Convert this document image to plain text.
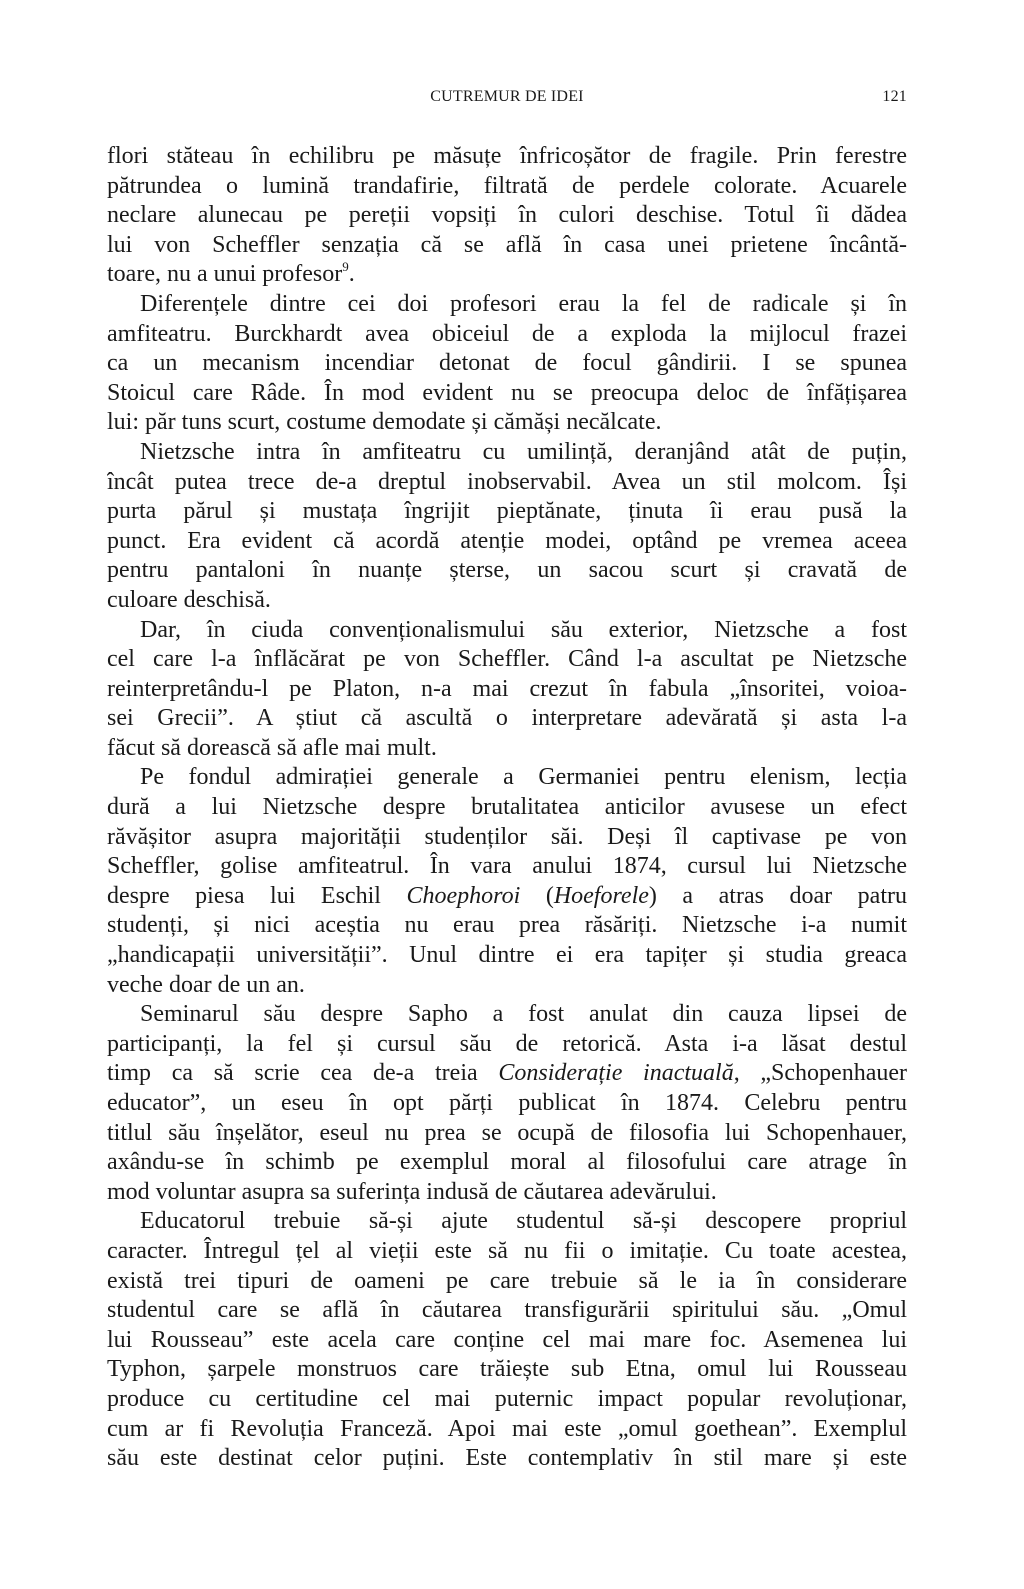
CUTREMUR DE IDEI	121
flori stăteau în echilibru pe măsuțe înfricoșător de fragile. Prin ferestre
pătrundea o lumină trandafirie, filtrată de perdele colorate. Acuarele
neclare alunecau pe pereții vopsiți în culori deschise. Totul îi dădea
lui von Scheffler senzația că se află în casa unei prietene încântă-
toare, nu a unui profesor$^9$.
Diferențele dintre cei doi profesori erau la fel de radicale și în
amfiteatru. Burckhardt avea obiceiul de a exploda la mijlocul frazei
ca un mecanism incendiar detonat de focul gândirii. I se spunea
Stoicul care Râde. În mod evident nu se preocupa deloc de înfățișarea
lui: păr tuns scurt, costume demodate și cămăși necălcate.
Nietzsche intra în amfiteatru cu umilință, deranjând atât de puțin,
încât putea trece de-a dreptul inobservabil. Avea un stil molcom. Își
purta părul și mustața îngrijit pieptănate, ținuta îi erau pusă la
punct. Era evident că acordă atenție modei, optând pe vremea aceea
pentru pantaloni în nuanțe șterse, un sacou scurt și cravată de
culoare deschisă.
Dar, în ciuda convenționalismului său exterior, Nietzsche a fost
cel care l-a înflăcărat pe von Scheffler. Când l-a ascultat pe Nietzsche
reinterpretându-l pe Platon, n-a mai crezut în fabula „însoritei, voioa-
sei Grecii”. A știut că ascultă o interpretare adevărată și asta l-a
făcut să dorească să afle mai mult.
Pe fondul admirației generale a Germaniei pentru elenism, lecția
dură a lui Nietzsche despre brutalitatea anticilor avusese un efect
răvășitor asupra majorității studenților săi. Deși îl captivase pe von
Scheffler, golise amfiteatrul. În vara anului 1874, cursul lui Nietzsche
despre piesa lui Eschil Choephoroi (Hoeforele) a atras doar patru
studenți, și nici aceștia nu erau prea răsăriți. Nietzsche i-a numit
„handicapații universității”. Unul dintre ei era tapițer și studia greaca
veche doar de un an.
Seminarul său despre Sapho a fost anulat din cauza lipsei de
participanți, la fel și cursul său de retorică. Asta i-a lăsat destul
timp ca să scrie cea de-a treia Considerație inactuală, „Schopenhauer
educator”, un eseu în opt părți publicat în 1874. Celebru pentru
titlul său înșelător, eseul nu prea se ocupă de filosofia lui Schopenhauer,
axându-se în schimb pe exemplul moral al filosofului care atrage în
mod voluntar asupra sa suferința indusă de căutarea adevărului.
Educatorul trebuie să-și ajute studentul să-și descopere propriul
caracter. Întregul țel al vieții este să nu fii o imitație. Cu toate acestea,
există trei tipuri de oameni pe care trebuie să le ia în considerare
studentul care se află în căutarea transfigurării spiritului său. „Omul
lui Rousseau” este acela care conține cel mai mare foc. Asemenea lui
Typhon, șarpele monstruos care trăiește sub Etna, omul lui Rousseau
produce cu certitudine cel mai puternic impact popular revoluționar,
cum ar fi Revoluția Franceză. Apoi mai este „omul goethean”. Exemplul
său este destinat celor puțini. Este contemplativ în stil mare și este
